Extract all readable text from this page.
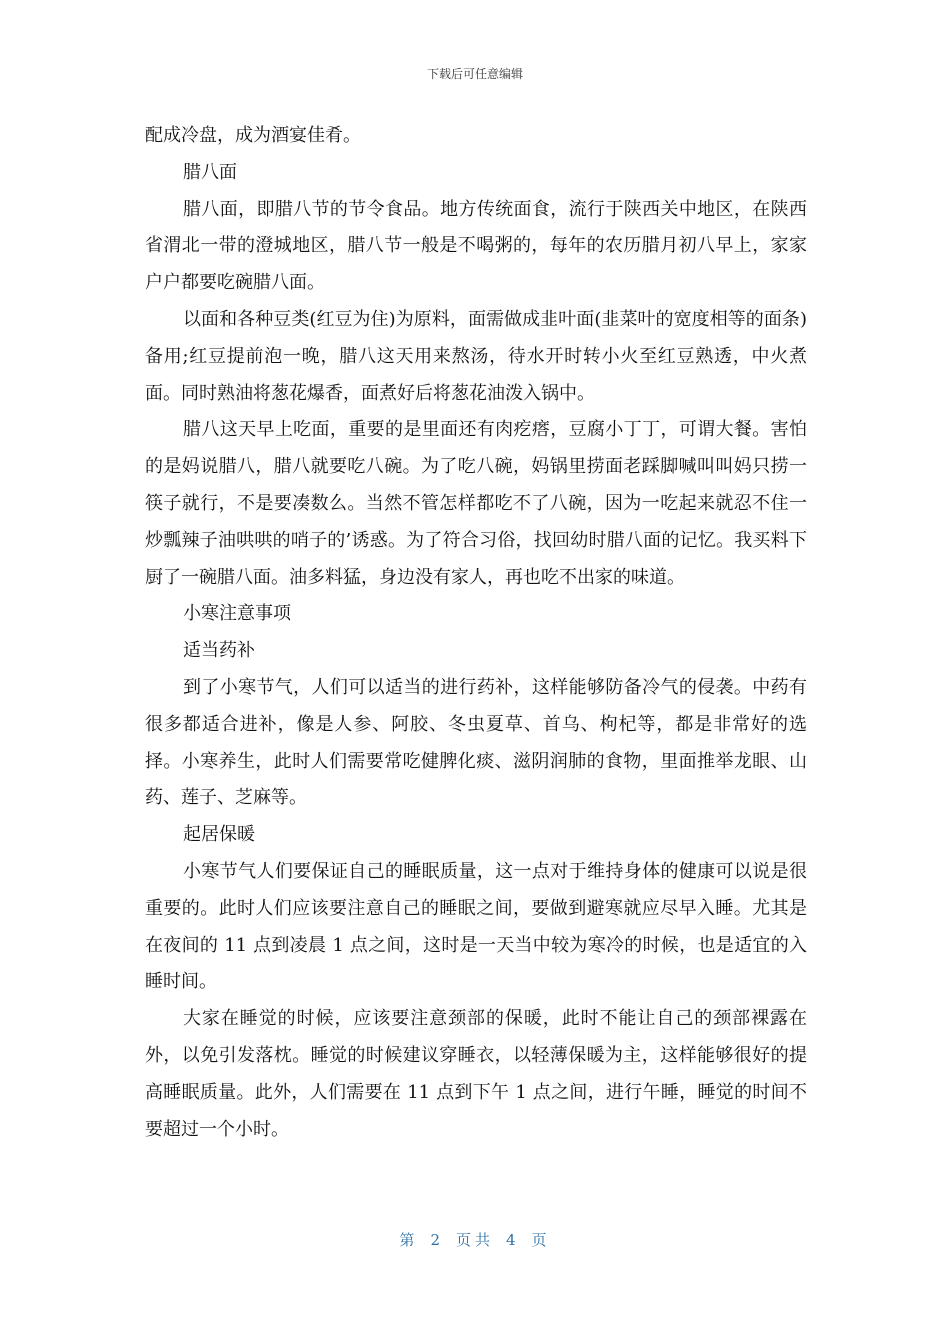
下载后可任意编辑

配成冷盘，成为酒宴佳肴。

腊八面

腊八面，即腊八节的节令食品。地方传统面食，流行于陕西关中地区，在陕西省渭北一带的澄城地区，腊八节一般是不喝粥的，每年的农历腊月初八早上，家家户户都要吃碗腊八面。

以面和各种豆类(红豆为住)为原料，面需做成韭叶面(韭菜叶的宽度相等的面条)备用;红豆提前泡一晚，腊八这天用来熬汤，待水开时转小火至红豆熟透，中火煮面。同时熟油将葱花爆香，面煮好后将葱花油泼入锅中。

腊八这天早上吃面，重要的是里面还有肉疙瘩，豆腐小丁丁，可谓大餐。害怕的是妈说腊八，腊八就要吃八碗。为了吃八碗，妈锅里捞面老踩脚喊叫叫妈只捞一筷子就行，不是要凑数么。当然不管怎样都吃不了八碗，因为一吃起来就忍不住一炒瓢辣子油哄哄的哨子的’诱惑。为了符合习俗，找回幼时腊八面的记忆。我买料下厨了一碗腊八面。油多料猛，身边没有家人，再也吃不出家的味道。

小寒注意事项

适当药补

到了小寒节气，人们可以适当的进行药补，这样能够防备冷气的侵袭。中药有很多都适合进补，像是人参、阿胶、冬虫夏草、首乌、枸杞等，都是非常好的选择。小寒养生，此时人们需要常吃健脾化痰、滋阴润肺的食物，里面推举龙眼、山药、莲子、芝麻等。

起居保暖

小寒节气人们要保证自己的睡眠质量，这一点对于维持身体的健康可以说是很重要的。此时人们应该要注意自己的睡眠之间，要做到避寒就应尽早入睡。尤其是在夜间的 11 点到凌晨 1 点之间，这时是一天当中较为寒冷的时候，也是适宜的入睡时间。

大家在睡觉的时候，应该要注意颈部的保暖，此时不能让自己的颈部裸露在外，以免引发落枕。睡觉的时候建议穿睡衣，以轻薄保暖为主，这样能够很好的提高睡眠质量。此外，人们需要在 11 点到下午 1 点之间，进行午睡，睡觉的时间不要超过一个小时。

第 2 页共 4 页
